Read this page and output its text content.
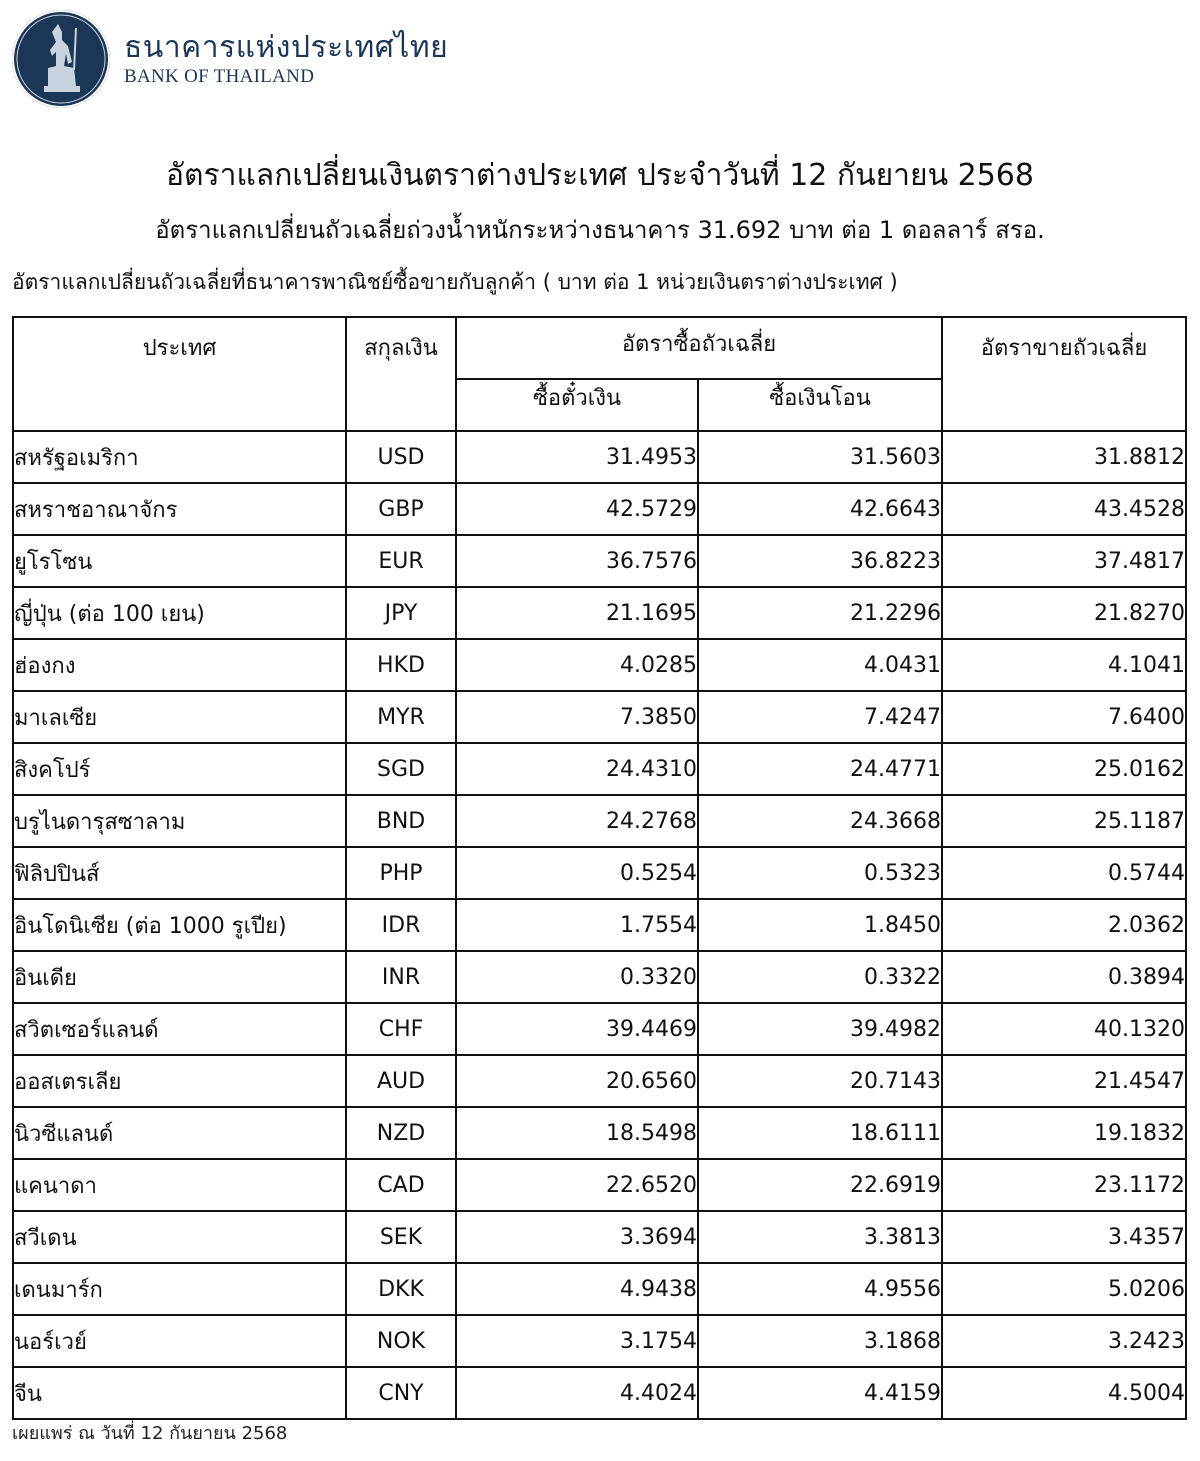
ธนาคารแห่งประเทศไทย
BANK OF THAILAND
อัตราแลกเปลี่ยนเงินตราต่างประเทศ ประจำวันที่ 12 กันยายน 2568
อัตราแลกเปลี่ยนถัวเฉลี่ยถ่วงน้ำหนักระหว่างธนาคาร 31.692 บาท ต่อ 1 ดอลลาร์ สรอ.
อัตราแลกเปลี่ยนถัวเฉลี่ยที่ธนาคารพาณิชย์ซื้อขายกับลูกค้า ( บาท ต่อ 1 หน่วยเงินตราต่างประเทศ )
ประเทศ	สกุลเงิน	อัตราซื้อถัวเฉลี่ย		อัตราขายถัวเฉลี่ย
		ซื้อตั๋วเงิน	ซื้อเงินโอน	
สหรัฐอเมริกา	USD	31.4953	31.5603	31.8812
สหราชอาณาจักร	GBP	42.5729	42.6643	43.4528
ยูโรโซน	EUR	36.7576	36.8223	37.4817
ญี่ปุ่น (ต่อ 100 เยน)	JPY	21.1695	21.2296	21.8270
ฮ่องกง	HKD	4.0285	4.0431	4.1041
มาเลเซีย	MYR	7.3850	7.4247	7.6400
สิงคโปร์	SGD	24.4310	24.4771	25.0162
บรูไนดารุสซาลาม	BND	24.2768	24.3668	25.1187
ฟิลิปปินส์	PHP	0.5254	0.5323	0.5744
อินโดนิเซีย (ต่อ 1000 รูเปีย)	IDR	1.7554	1.8450	2.0362
อินเดีย	INR	0.3320	0.3322	0.3894
สวิตเซอร์แลนด์	CHF	39.4469	39.4982	40.1320
ออสเตรเลีย	AUD	20.6560	20.7143	21.4547
นิวซีแลนด์	NZD	18.5498	18.6111	19.1832
แคนาดา	CAD	22.6520	22.6919	23.1172
สวีเดน	SEK	3.3694	3.3813	3.4357
เดนมาร์ก	DKK	4.9438	4.9556	5.0206
นอร์เวย์	NOK	3.1754	3.1868	3.2423
จีน	CNY	4.4024	4.4159	4.5004
เผยแพร่ ณ วันที่ 12 กันยายน 2568
